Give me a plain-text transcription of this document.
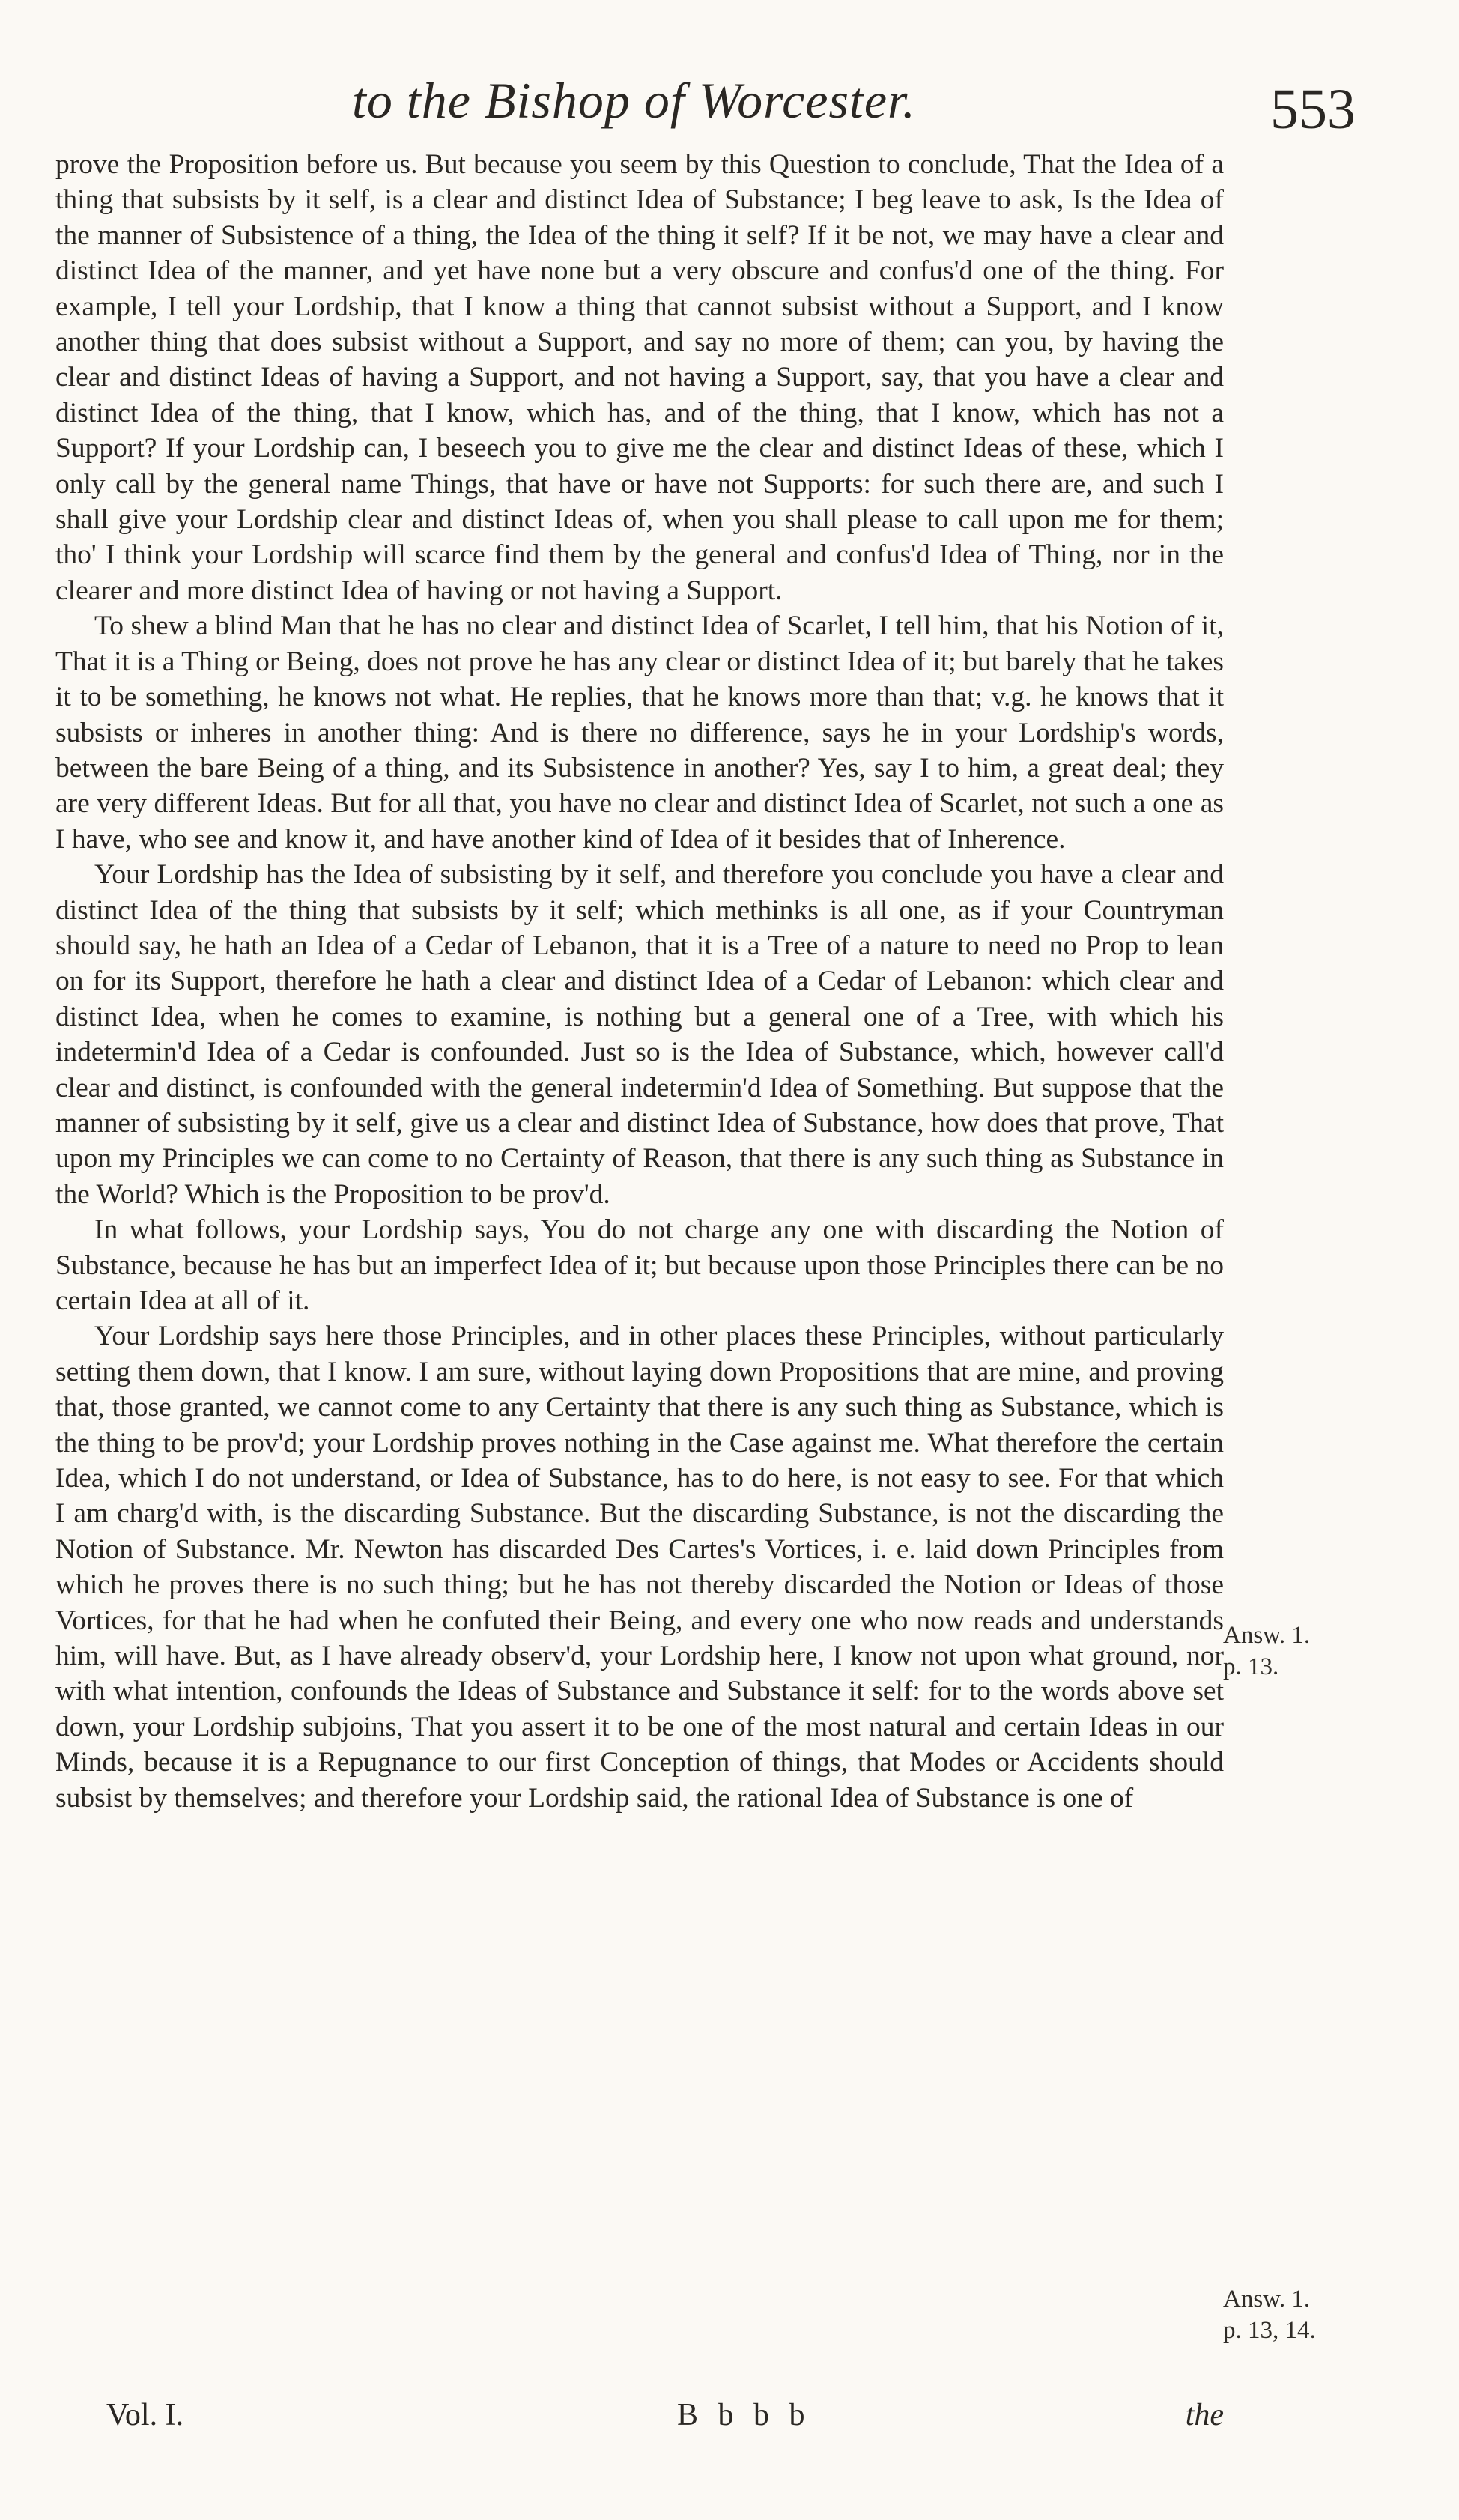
to the Bishop of Worcester.	553

prove the Proposition before us. But because you seem by this Question to conclude, That the Idea of a thing that subsists by it self, is a clear and distinct Idea of Substance; I beg leave to ask, Is the Idea of the manner of Subsistence of a thing, the Idea of the thing it self? If it be not, we may have a clear and distinct Idea of the manner, and yet have none but a very obscure and confus'd one of the thing. For example, I tell your Lordship, that I know a thing that cannot subsist without a Support, and I know another thing that does subsist without a Support, and say no more of them; can you, by having the clear and distinct Ideas of having a Support, and not having a Support, say, that you have a clear and distinct Idea of the thing, that I know, which has, and of the thing, that I know, which has not a Support? If your Lordship can, I beseech you to give me the clear and distinct Ideas of these, which I only call by the general name Things, that have or have not Supports: for such there are, and such I shall give your Lordship clear and distinct Ideas of, when you shall please to call upon me for them; tho' I think your Lordship will scarce find them by the general and confus'd Idea of Thing, nor in the clearer and more distinct Idea of having or not having a Support.

To shew a blind Man that he has no clear and distinct Idea of Scarlet, I tell him, that his Notion of it, That it is a Thing or Being, does not prove he has any clear or distinct Idea of it; but barely that he takes it to be something, he knows not what. He replies, that he knows more than that; v.g. he knows that it subsists or inheres in another thing: And is there no difference, says he in your Lordship's words, between the bare Being of a thing, and its Subsistence in another? Yes, say I to him, a great deal; they are very different Ideas. But for all that, you have no clear and distinct Idea of Scarlet, not such a one as I have, who see and know it, and have another kind of Idea of it besides that of Inherence.

Your Lordship has the Idea of subsisting by it self, and therefore you conclude you have a clear and distinct Idea of the thing that subsists by it self; which methinks is all one, as if your Countryman should say, he hath an Idea of a Cedar of Lebanon, that it is a Tree of a nature to need no Prop to lean on for its Support, therefore he hath a clear and distinct Idea of a Cedar of Lebanon: which clear and distinct Idea, when he comes to examine, is nothing but a general one of a Tree, with which his indetermin'd Idea of a Cedar is confounded. Just so is the Idea of Substance, which, however call'd clear and distinct, is confounded with the general indetermin'd Idea of Something. But suppose that the manner of subsisting by it self, give us a clear and distinct Idea of Substance, how does that prove, That upon my Principles we can come to no Certainty of Reason, that there is any such thing as Substance in the World? Which is the Proposition to be prov'd.

In what follows, your Lordship says, You do not charge any one with discarding the Notion of Substance, because he has but an imperfect Idea of it; but because upon those Principles there can be no certain Idea at all of it.

Your Lordship says here those Principles, and in other places these Principles, without particularly setting them down, that I know. I am sure, without laying down Propositions that are mine, and proving that, those granted, we cannot come to any Certainty that there is any such thing as Substance, which is the thing to be prov'd; your Lordship proves nothing in the Case against me. What therefore the certain Idea, which I do not understand, or Idea of Substance, has to do here, is not easy to see. For that which I am charg'd with, is the discarding Substance. But the discarding Substance, is not the discarding the Notion of Substance. Mr. Newton has discarded Des Cartes's Vortices, i. e. laid down Principles from which he proves there is no such thing; but he has not thereby discarded the Notion or Ideas of those Vortices, for that he had when he confuted their Being, and every one who now reads and understands him, will have. But, as I have already observ'd, your Lordship here, I know not upon what ground, nor with what intention, confounds the Ideas of Substance and Substance it self: for to the words above set down, your Lordship subjoins, That you assert it to be one of the most natural and certain Ideas in our Minds, because it is a Repugnance to our first Conception of things, that Modes or Accidents should subsist by themselves; and therefore your Lordship said, the rational Idea of Substance is one of

Answ. 1.
p. 13.
Answ. 1.
p. 13, 14.
Vol. I.	B b b b	the
